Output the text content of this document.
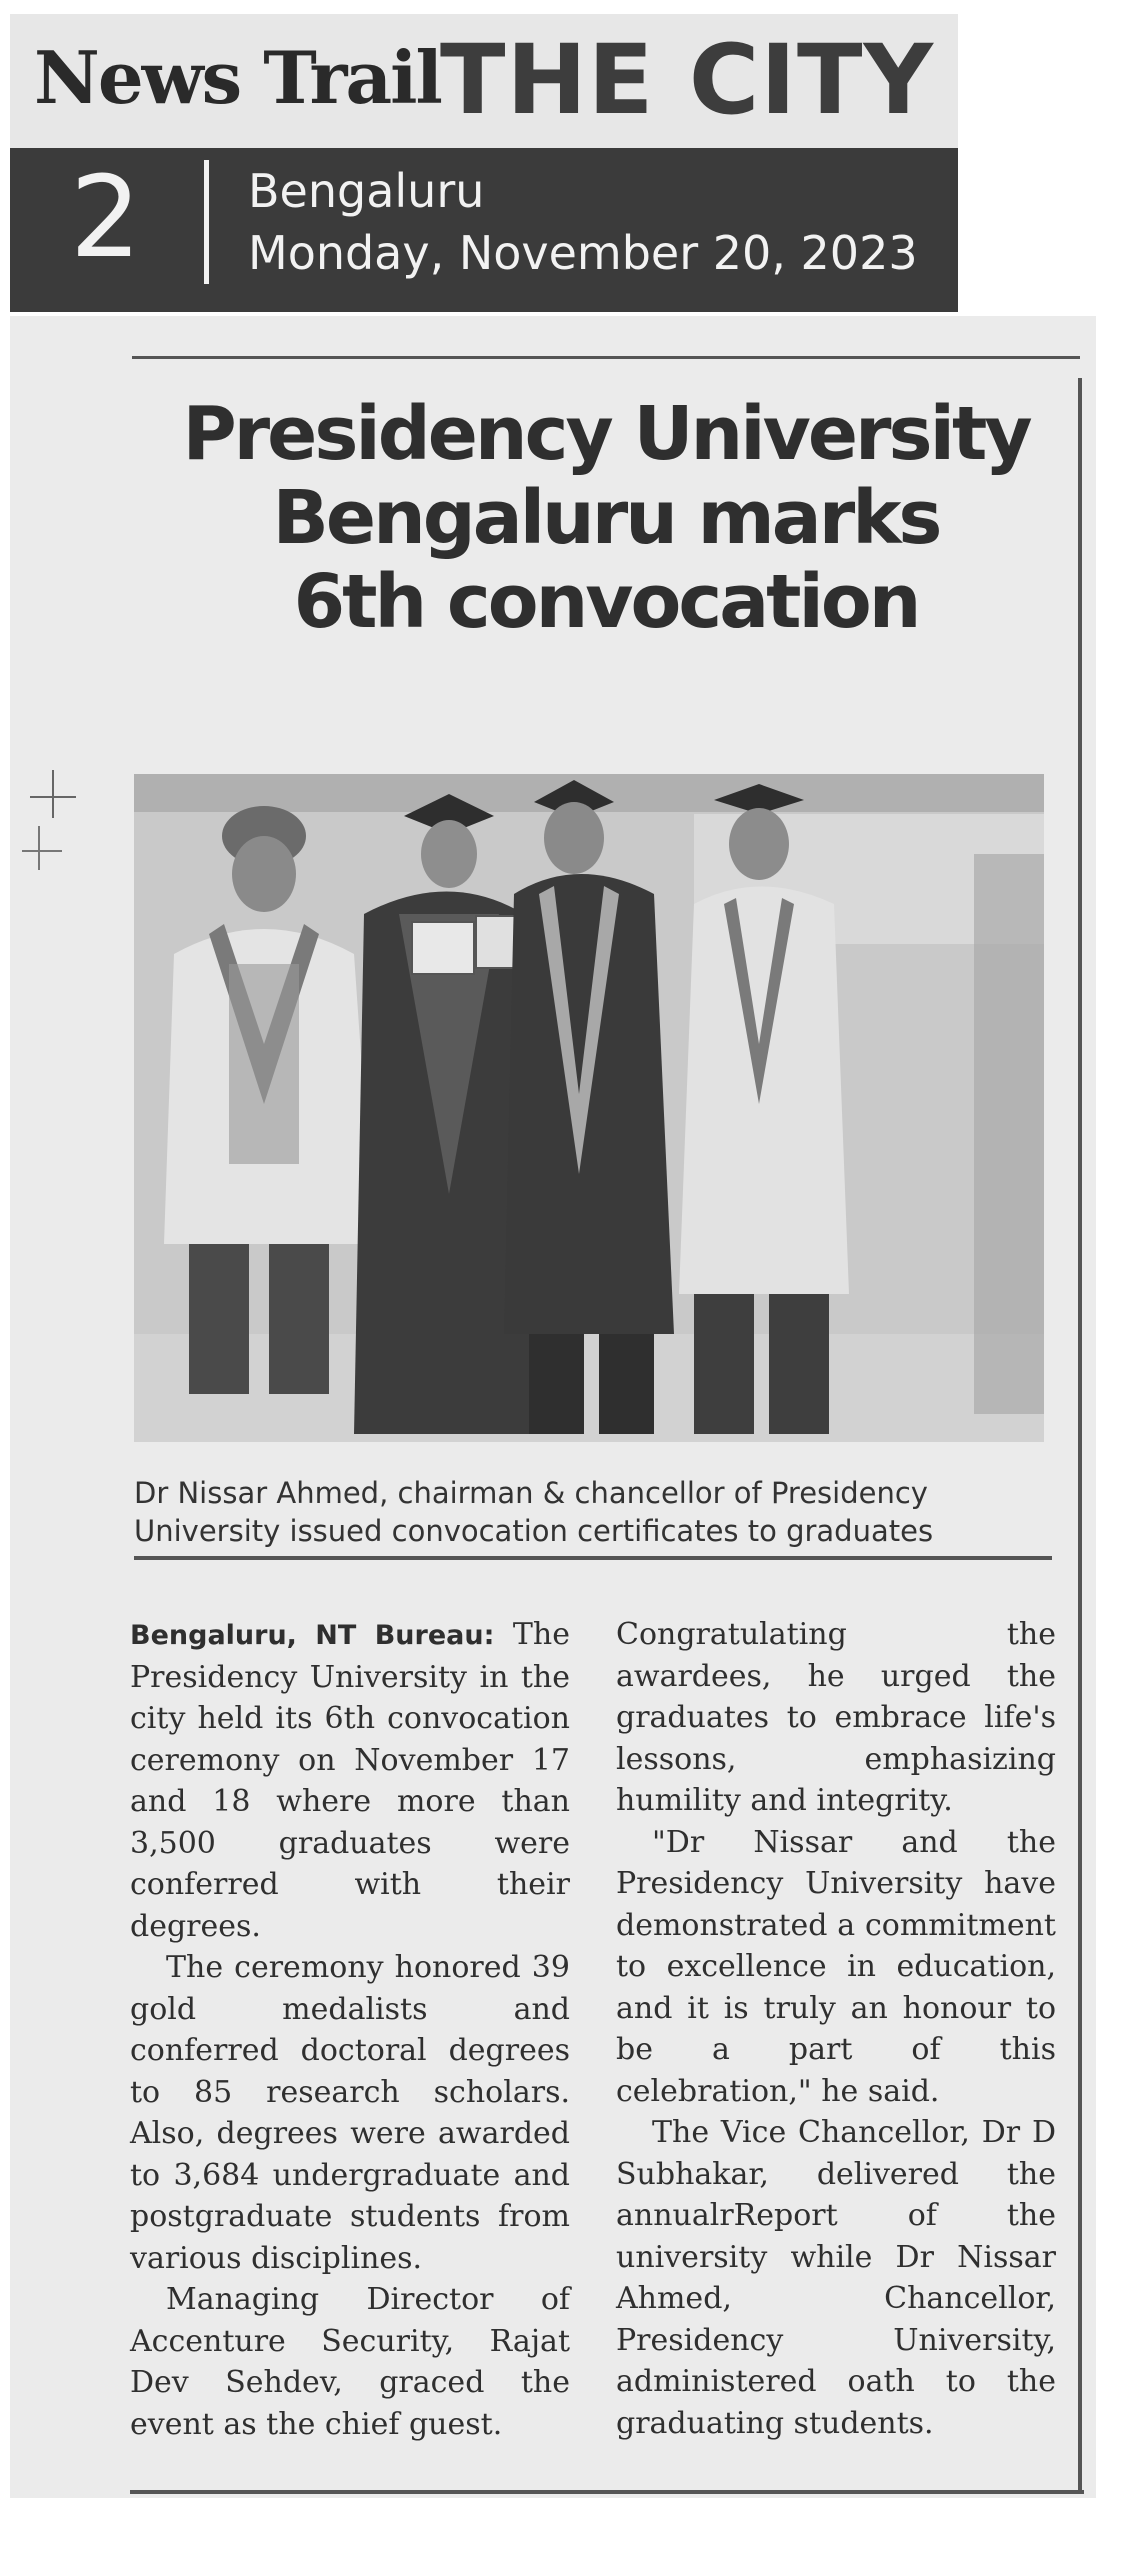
News Trail THE CITY
2 Bengaluru
Monday, November 20, 2023
Presidency University
Bengaluru marks
6th convocation
Dr Nissar Ahmed, chairman & chancellor of Presidency University issued convocation certificates to graduates

Bengaluru, NT Bureau: The Presidency University in the city held its 6th convocation ceremony on November 17 and 18 where more than 3,500 graduates were conferred with their degrees.

The ceremony honored 39 gold medalists and conferred doctoral degrees to 85 research scholars. Also, degrees were awarded to 3,684 undergraduate and postgraduate students from various disciplines.

Managing Director of Accenture Security, Rajat Dev Sehdev, graced the event as the chief guest.

Congratulating the awardees, he urged the graduates to embrace life's lessons, emphasizing humility and integrity.

"Dr Nissar and the Presidency University have demonstrated a commitment to excellence in education, and it is truly an honour to be a part of this celebration," he said.

The Vice Chancellor, Dr D Subhakar, delivered the annualrReport of the university while Dr Nissar Ahmed, Chancellor, Presidency University, administered oath to the graduating students.
